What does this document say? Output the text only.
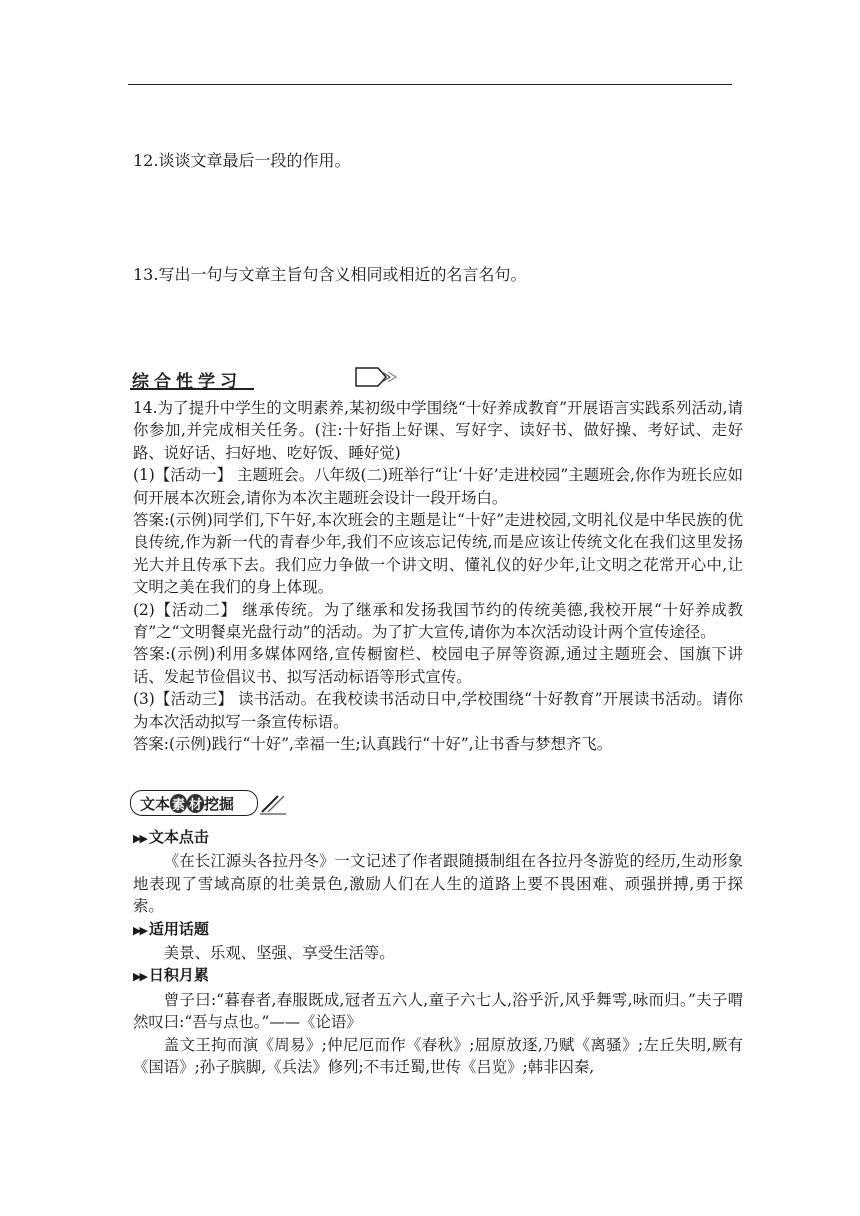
12.谈谈文章最后一段的作用。
13.写出一句与文章主旨句含义相同或相近的名言名句。
综合性学习

14.为了提升中学生的文明素养,某初级中学围绕“十好养成教育”开展语言实践系列活动,请你参加,并完成相关任务。(注:十好指上好课、写好字、读好书、做好操、考好试、走好路、说好话、扫好地、吃好饭、睡好觉)

(1)【活动一】 主题班会。八年级(二)班举行“让‘十好’走进校园”主题班会,你作为班长应如何开展本次班会,请你为本次主题班会设计一段开场白。

答案:(示例)同学们,下午好,本次班会的主题是让“十好”走进校园,文明礼仪是中华民族的优良传统,作为新一代的青春少年,我们不应该忘记传统,而是应该让传统文化在我们这里发扬光大并且传承下去。我们应力争做一个讲文明、懂礼仪的好少年,让文明之花常开心中,让文明之美在我们的身上体现。

(2)【活动二】 继承传统。为了继承和发扬我国节约的传统美德,我校开展“十好养成教育”之“文明餐桌光盘行动”的活动。为了扩大宣传,请你为本次活动设计两个宣传途径。

答案:(示例)利用多媒体网络,宣传橱窗栏、校园电子屏等资源,通过主题班会、国旗下讲话、发起节俭倡议书、拟写活动标语等形式宣传。

(3)【活动三】 读书活动。在我校读书活动日中,学校围绕“十好教育”开展读书活动。请你为本次活动拟写一条宣传标语。

答案:(示例)践行“十好”,幸福一生;认真践行“十好”,让书香与梦想齐飞。

文本 素 材 挖掘

▶▶ 文本点击

《在长江源头各拉丹冬》一文记述了作者跟随摄制组在各拉丹冬游览的经历,生动形象地表现了雪域高原的壮美景色,激励人们在人生的道路上要不畏困难、顽强拼搏,勇于探索。

▶▶ 适用话题

美景、乐观、坚强、享受生活等。

▶▶ 日积月累

曾子曰:“暮春者,春服既成,冠者五六人,童子六七人,浴乎沂,风乎舞雩,咏而归。”夫子喟然叹曰:“吾与点也。”——《论语》

盖文王拘而演《周易》;仲尼厄而作《春秋》;屈原放逐,乃赋《离骚》;左丘失明,厥有《国语》;孙子膑脚,《兵法》修列;不韦迁蜀,世传《吕览》;韩非囚秦,
